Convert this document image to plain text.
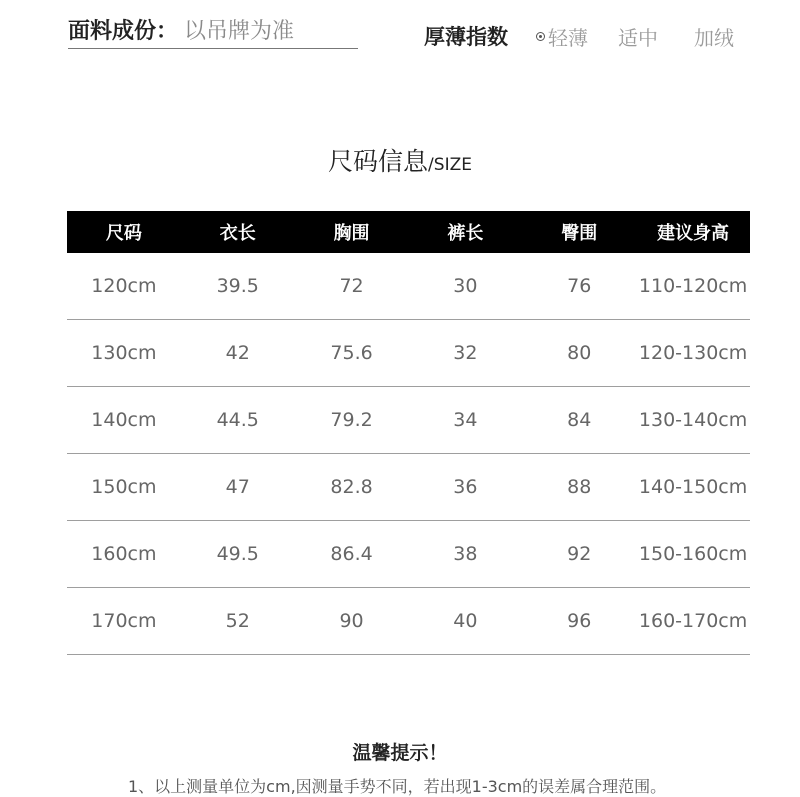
面料成份： 以吊牌为准	厚薄指数 轻薄 适中 加绒
尺码信息/SIZE
尺码	衣长	胸围	裤长	臀围	建议身高
120cm	39.5	72	30	76	110-120cm
130cm	42	75.6	32	80	120-130cm
140cm	44.5	79.2	34	84	130-140cm
150cm	47	82.8	36	88	140-150cm
160cm	49.5	86.4	38	92	150-160cm
170cm	52	90	40	96	160-170cm
温馨提示！
1、以上测量单位为cm,因测量手势不同，若出现1-3cm的误差属合理范围。
